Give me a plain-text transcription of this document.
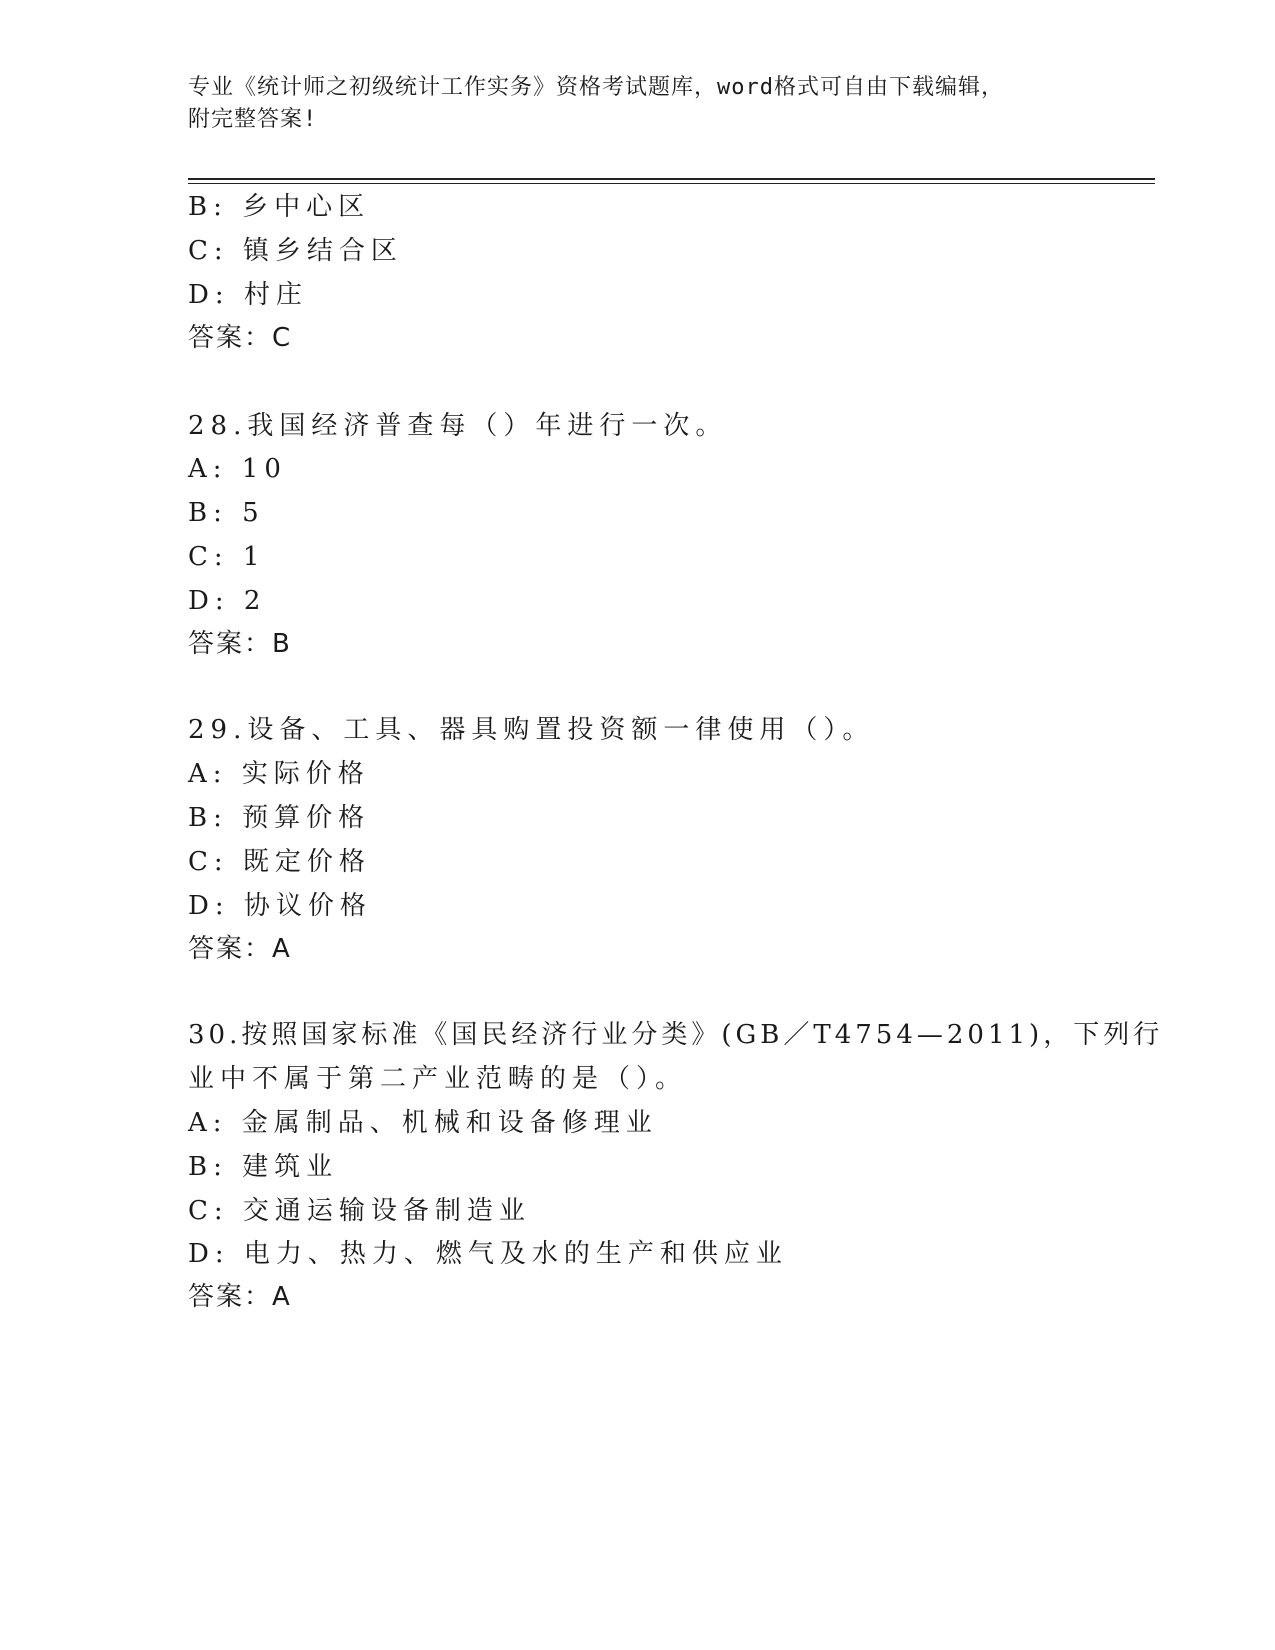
专业《统计师之初级统计工作实务》资格考试题库，word格式可自由下载编辑，
附完整答案!
B: 乡中心区
C: 镇乡结合区
D: 村庄
答案：C
28.我国经济普查每（）年进行一次。
A: 10
B: 5
C: 1
D: 2
答案：B
29.设备、工具、器具购置投资额一律使用（）。
A: 实际价格
B: 预算价格
C: 既定价格
D: 协议价格
答案：A
30.按照国家标准《国民经济行业分类》(GB／T4754—2011)，下列行
业中不属于第二产业范畴的是（）。
A: 金属制品、机械和设备修理业
B: 建筑业
C: 交通运输设备制造业
D: 电力、热力、燃气及水的生产和供应业
答案：A
